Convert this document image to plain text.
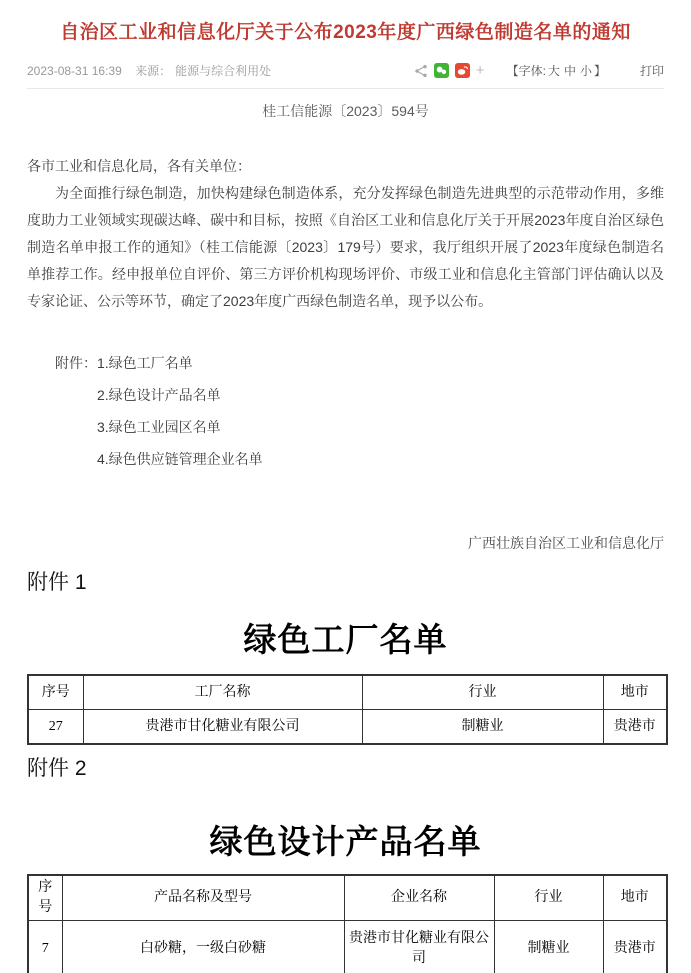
自治区工业和信息化厅关于公布2023年度广西绿色制造名单的通知
2023-08-31 16:39 来源： 能源与综合利用处	+ 【字体: 大 中 小 】	打印
桂工信能源〔2023〕594号
各市工业和信息化局，各有关单位：

为全面推行绿色制造，加快构建绿色制造体系，充分发挥绿色制造先进典型的示范带动作用，多维度助力工业领域实现碳达峰、碳中和目标，按照《自治区工业和信息化厅关于开展2023年度自治区绿色制造名单申报工作的通知》（桂工信能源〔2023〕179号）要求，我厅组织开展了2023年度绿色制造名单推荐工作。经申报单位自评价、第三方评价机构现场评价、市级工业和信息化主管部门评估确认以及专家论证、公示等环节，确定了2023年度广西绿色制造名单，现予以公布。

附件： 1.绿色工厂名单
2.绿色设计产品名单
3.绿色工业园区名单
4.绿色供应链管理企业名单
广西壮族自治区工业和信息化厅
附件 1
绿色工厂名单
序号	工厂名称	行业	地市
27	贵港市甘化糖业有限公司	制糖业	贵港市
附件 2
绿色设计产品名单
序号	产品名称及型号	企业名称	行业	地市
7	白砂糖，一级白砂糖	贵港市甘化糖业有限公司	制糖业	贵港市
